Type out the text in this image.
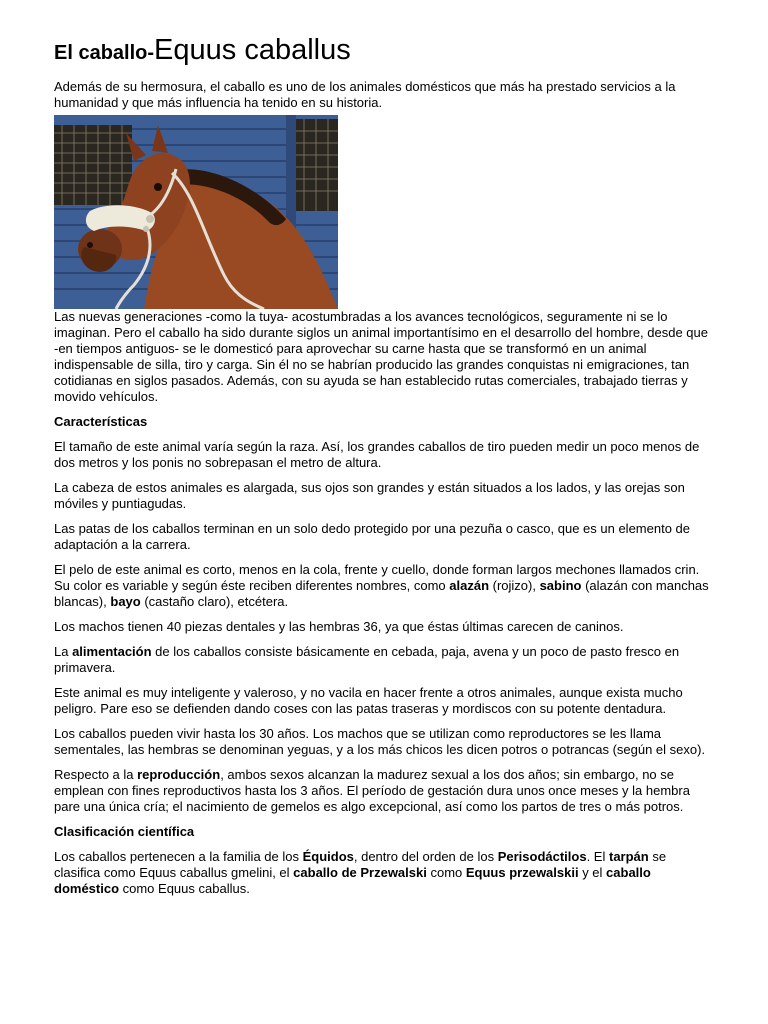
El caballo-Equus caballus

Además de su hermosura, el caballo es uno de los animales domésticos que más ha prestado servicios a la humanidad y que más influencia ha tenido en su historia.

Las nuevas generaciones -como la tuya- acostumbradas a los avances tecnológicos, seguramente ni se lo imaginan. Pero el caballo ha sido durante siglos un animal importantísimo en el desarrollo del hombre, desde que -en tiempos antiguos- se le domesticó para aprovechar su carne hasta que se transformó en un animal indispensable de silla, tiro y carga. Sin él no se habrían producido las grandes conquistas ni emigraciones, tan cotidianas en siglos pasados. Además, con su ayuda se han establecido rutas comerciales, trabajado tierras y movido vehículos.

Características

El tamaño de este animal varía según la raza. Así, los grandes caballos de tiro pueden medir un poco menos de dos metros y los ponis no sobrepasan el metro de altura.

La cabeza de estos animales es alargada, sus ojos son grandes y están situados a los lados, y las orejas son móviles y puntiagudas.

Las patas de los caballos terminan en un solo dedo protegido por una pezuña o casco, que es un elemento de adaptación a la carrera.

El pelo de este animal es corto, menos en la cola, frente y cuello, donde forman largos mechones llamados crin. Su color es variable y según éste reciben diferentes nombres, como alazán (rojizo), sabino (alazán con manchas blancas), bayo (castaño claro), etcétera.

Los machos tienen 40 piezas dentales y las hembras 36, ya que éstas últimas carecen de caninos.

La alimentación de los caballos consiste básicamente en cebada, paja, avena y un poco de pasto fresco en primavera.

Este animal es muy inteligente y valeroso, y no vacila en hacer frente a otros animales, aunque exista mucho peligro. Pare eso se defienden dando coses con las patas traseras y mordiscos con su potente dentadura.

Los caballos pueden vivir hasta los 30 años. Los machos que se utilizan como reproductores se les llama sementales, las hembras se denominan yeguas, y a los más chicos les dicen potros o potrancas (según el sexo).

Respecto a la reproducción, ambos sexos alcanzan la madurez sexual a los dos años; sin embargo, no se emplean con fines reproductivos hasta los 3 años. El período de gestación dura unos once meses y la hembra pare una única cría; el nacimiento de gemelos es algo excepcional, así como los partos de tres o más potros.

Clasificación científica

Los caballos pertenecen a la familia de los Équidos, dentro del orden de los Perisodáctilos. El tarpán se clasifica como Equus caballus gmelini, el caballo de Przewalski como Equus przewalskii y el caballo doméstico como Equus caballus.
